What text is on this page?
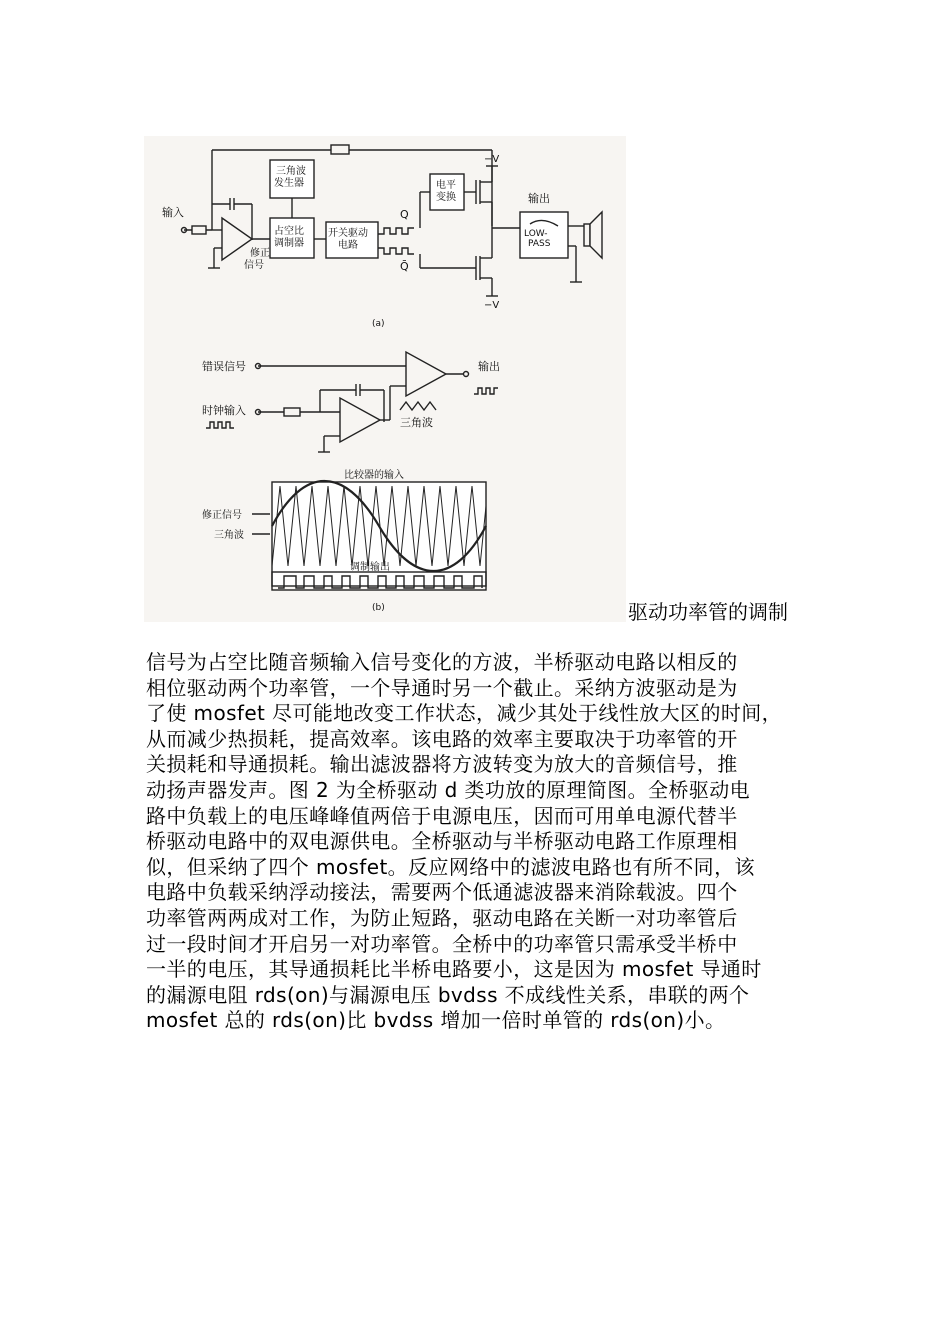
输入
三角波 发生器
占空比 调制器
开关驱动 电路
电平 变换
修正 信号
Q
Q̄
−V
−V
输出
LOW- PASS
(a)
错误信号
时钟输入
输出
三角波
比较器的输入
修正信号
三角波
调制输出
(b)	驱动功率管的调制
信号为占空比随音频输入信号变化的方波，半桥驱动电路以相反的
相位驱动两个功率管，一个导通时另一个截止。采纳方波驱动是为
了使 mosfet 尽可能地改变工作状态，减少其处于线性放大区的时间，
从而减少热损耗，提高效率。该电路的效率主要取决于功率管的开
关损耗和导通损耗。输出滤波器将方波转变为放大的音频信号，推
动扬声器发声。图 2 为全桥驱动 d 类功放的原理简图。全桥驱动电
路中负载上的电压峰峰值两倍于电源电压，因而可用单电源代替半
桥驱动电路中的双电源供电。全桥驱动与半桥驱动电路工作原理相
似，但采纳了四个 mosfet。反应网络中的滤波电路也有所不同，该
电路中负载采纳浮动接法，需要两个低通滤波器来消除载波。四个
功率管两两成对工作，为防止短路，驱动电路在关断一对功率管后
过一段时间才开启另一对功率管。全桥中的功率管只需承受半桥中
一半的电压，其导通损耗比半桥电路要小，这是因为 mosfet 导通时
的漏源电阻 rds(on)与漏源电压 bvdss 不成线性关系，串联的两个
mosfet 总的 rds(on)比 bvdss 增加一倍时单管的 rds(on)小。
